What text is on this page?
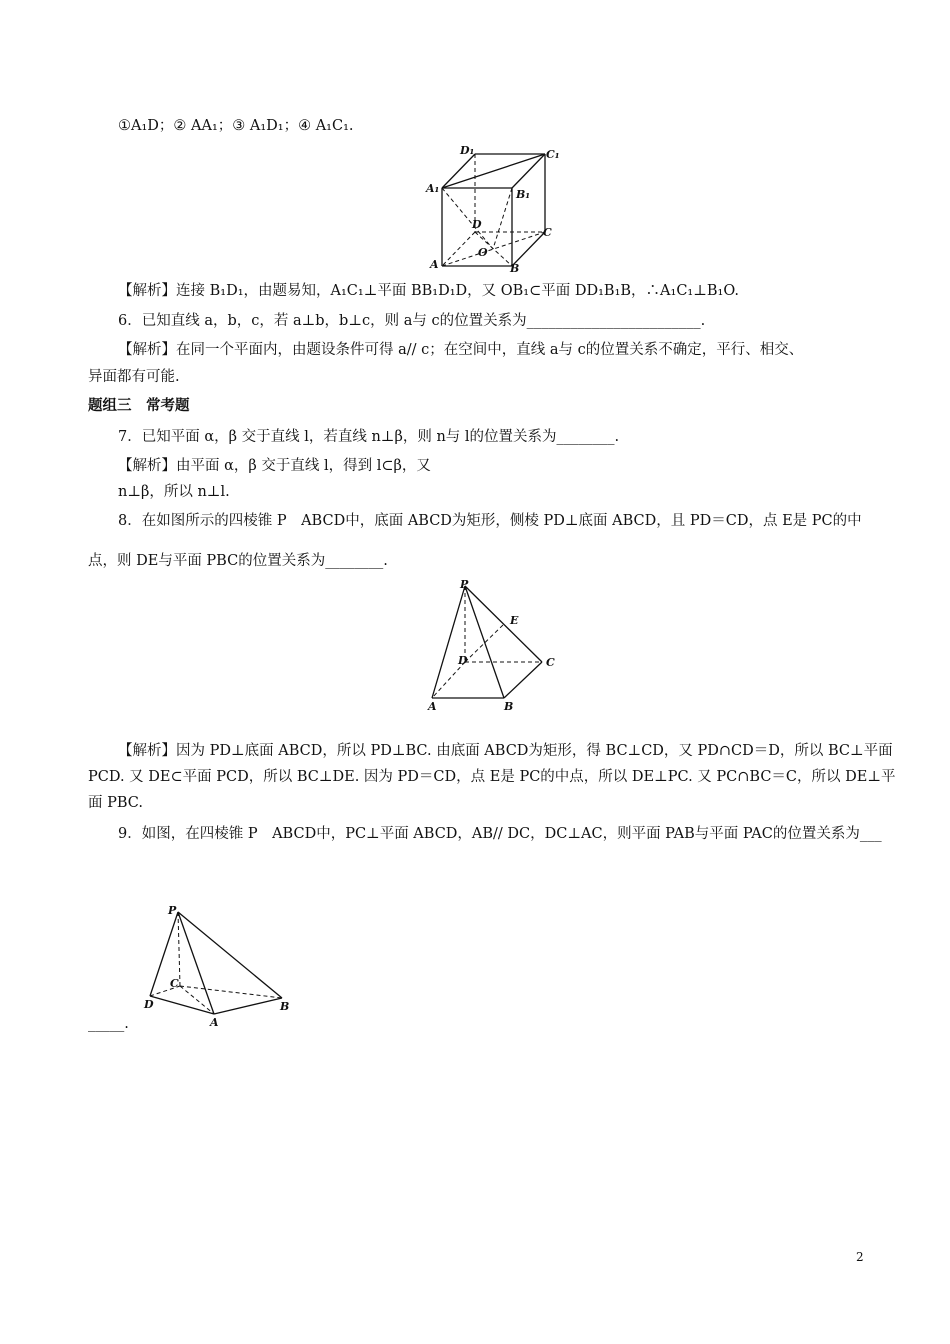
①A₁D；② AA₁；③ A₁D₁；④ A₁C₁.
D₁	C₁
A₁	B₁
D
C
A
O
B
【解析】连接 B₁D₁，由题易知，A₁C₁⊥平面 BB₁D₁D，又 OB₁⊂平面 DD₁B₁B，∴A₁C₁⊥B₁O.
6．已知直线 a，b，c，若 a⊥b，b⊥c，则 a与 c的位置关系为________________________.
【解析】在同一个平面内，由题设条件可得 a// c；在空间中，直线 a与 c的位置关系不确定，平行、相交、
异面都有可能.
题组三　常考题
7．已知平面 α，β 交于直线 l，若直线 n⊥β，则 n与 l的位置关系为________.
【解析】由平面 α，β 交于直线 l，得到 l⊂β，又
n⊥β，所以 n⊥l.
8．在如图所示的四棱锥 P　ABCD中，底面 ABCD为矩形，侧棱 PD⊥底面 ABCD，且 PD＝CD，点 E是 PC的中
点，则 DE与平面 PBC的位置关系为________.
P
E
D	C
A	B
【解析】因为 PD⊥底面 ABCD，所以 PD⊥BC. 由底面 ABCD为矩形，得 BC⊥CD，又 PD∩CD＝D，所以 BC⊥平面
PCD. 又 DE⊂平面 PCD，所以 BC⊥DE. 因为 PD＝CD，点 E是 PC的中点，所以 DE⊥PC. 又 PC∩BC＝C，所以 DE⊥平
面 PBC.
9．如图，在四棱锥 P　ABCD中，PC⊥平面 ABCD，AB// DC，DC⊥AC，则平面 PAB与平面 PAC的位置关系为___
P
C
D
A
B
_____.
2
